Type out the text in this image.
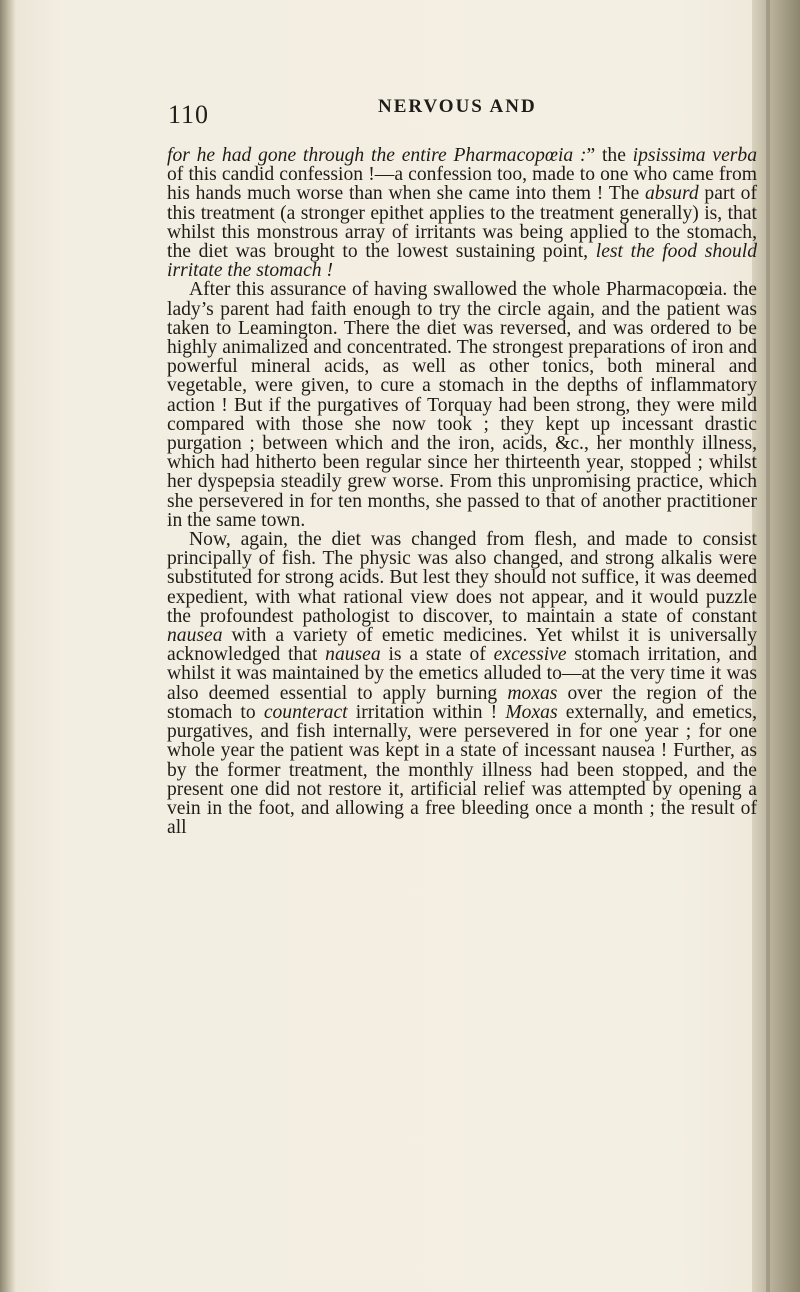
110	NERVOUS AND

for he had gone through the entire Pharmacopœia :” the ipsissima verba of this candid confession !—a confession too, made to one who came from his hands much worse than when she came into them ! The absurd part of this treatment (a stronger epithet applies to the treatment generally) is, that whilst this monstrous array of irritants was being applied to the stomach, the diet was brought to the lowest sustaining point, lest the food should irritate the stomach !

After this assurance of having swallowed the whole Pharmacopœia. the lady’s parent had faith enough to try the circle again, and the patient was taken to Leamington. There the diet was reversed, and was ordered to be highly animalized and concentrated. The strongest preparations of iron and powerful mineral acids, as well as other tonics, both mineral and vegetable, were given, to cure a stomach in the depths of inflammatory action ! But if the purgatives of Torquay had been strong, they were mild compared with those she now took ; they kept up incessant drastic purgation ; between which and the iron, acids, &c., her monthly illness, which had hitherto been regular since her thirteenth year, stopped ; whilst her dyspepsia steadily grew worse. From this unpromising practice, which she persevered in for ten months, she passed to that of another practitioner in the same town.

Now, again, the diet was changed from flesh, and made to consist principally of fish. The physic was also changed, and strong alkalis were substituted for strong acids. But lest they should not suffice, it was deemed expedient, with what rational view does not appear, and it would puzzle the profoundest pathologist to discover, to maintain a state of constant nausea with a variety of emetic medicines. Yet whilst it is universally acknowledged that nausea is a state of excessive stomach irritation, and whilst it was maintained by the emetics alluded to—at the very time it was also deemed essential to apply burning moxas over the region of the stomach to counteract irritation within ! Moxas externally, and emetics, purgatives, and fish internally, were persevered in for one year ; for one whole year the patient was kept in a state of incessant nausea ! Further, as by the former treatment, the monthly illness had been stopped, and the present one did not restore it, artificial relief was attempted by opening a vein in the foot, and allowing a free bleeding once a month ; the result of all
